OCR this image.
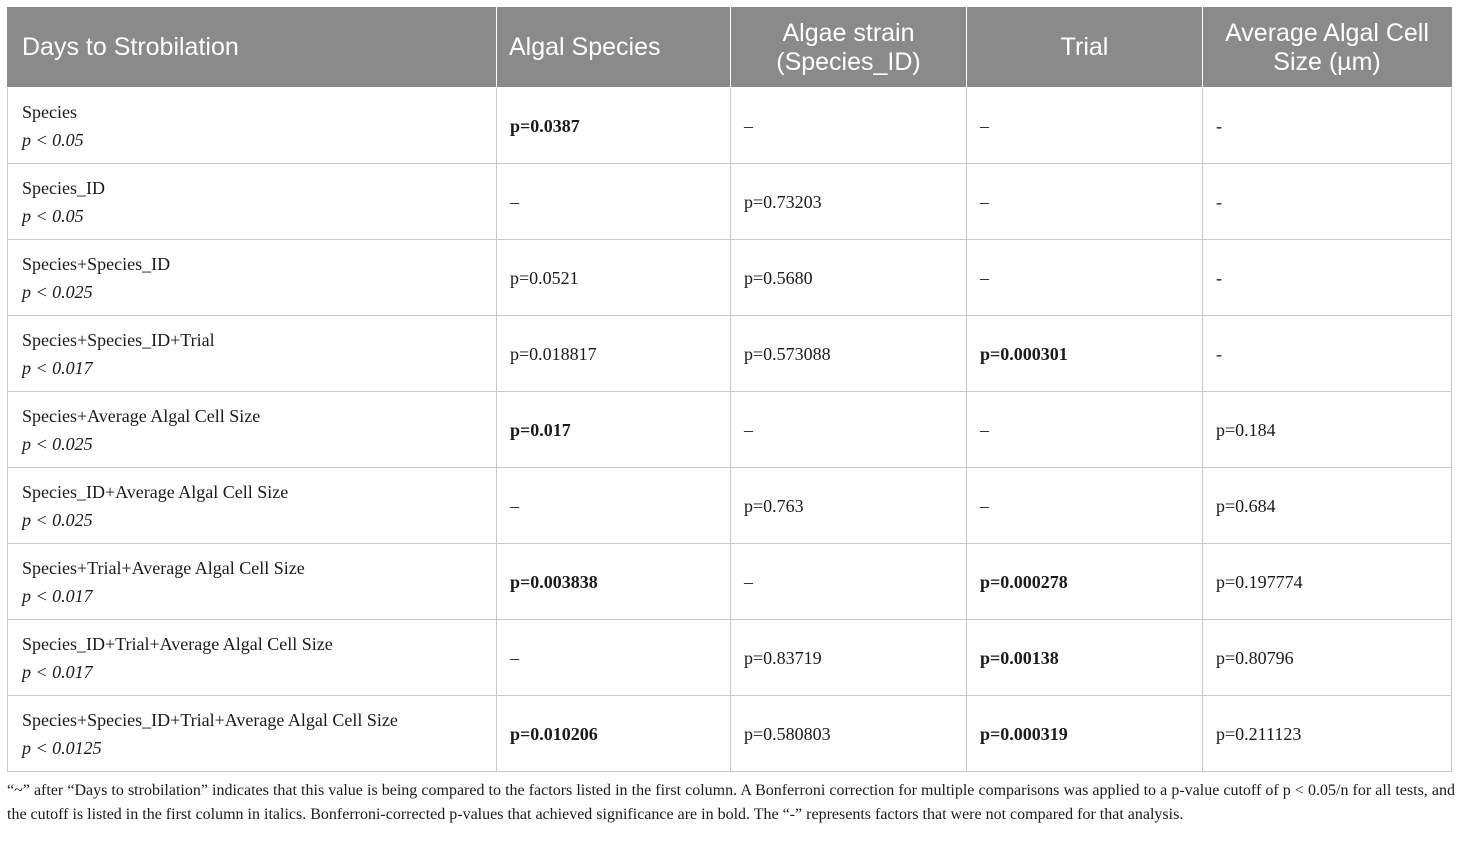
Days to Strobilation	Algal Species	Algae strain (Species_ID)	Trial	Average Algal Cell Size (µm)

Species
p < 0.05	p=0.0387	–	–	-

Species_ID
p < 0.05	–	p=0.73203	–	-

Species+Species_ID
p < 0.025	p=0.0521	p=0.5680	–	-

Species+Species_ID+Trial
p < 0.017	p=0.018817	p=0.573088	p=0.000301	-

Species+Average Algal Cell Size
p < 0.025	p=0.017	–	–	p=0.184

Species_ID+Average Algal Cell Size
p < 0.025	–	p=0.763	–	p=0.684

Species+Trial+Average Algal Cell Size
p < 0.017	p=0.003838	–	p=0.000278	p=0.197774

Species_ID+Trial+Average Algal Cell Size
p < 0.017	–	p=0.83719	p=0.00138	p=0.80796

Species+Species_ID+Trial+Average Algal Cell Size
p < 0.0125	p=0.010206	p=0.580803	p=0.000319	p=0.211123
“~” after “Days to strobilation” indicates that this value is being compared to the factors listed in the first column. A Bonferroni correction for multiple comparisons was applied to a p-value cutoff of p < 0.05/n for all tests, and the cutoff is listed in the first column in italics. Bonferroni-corrected p-values that achieved significance are in bold. The “-” represents factors that were not compared for that analysis.
